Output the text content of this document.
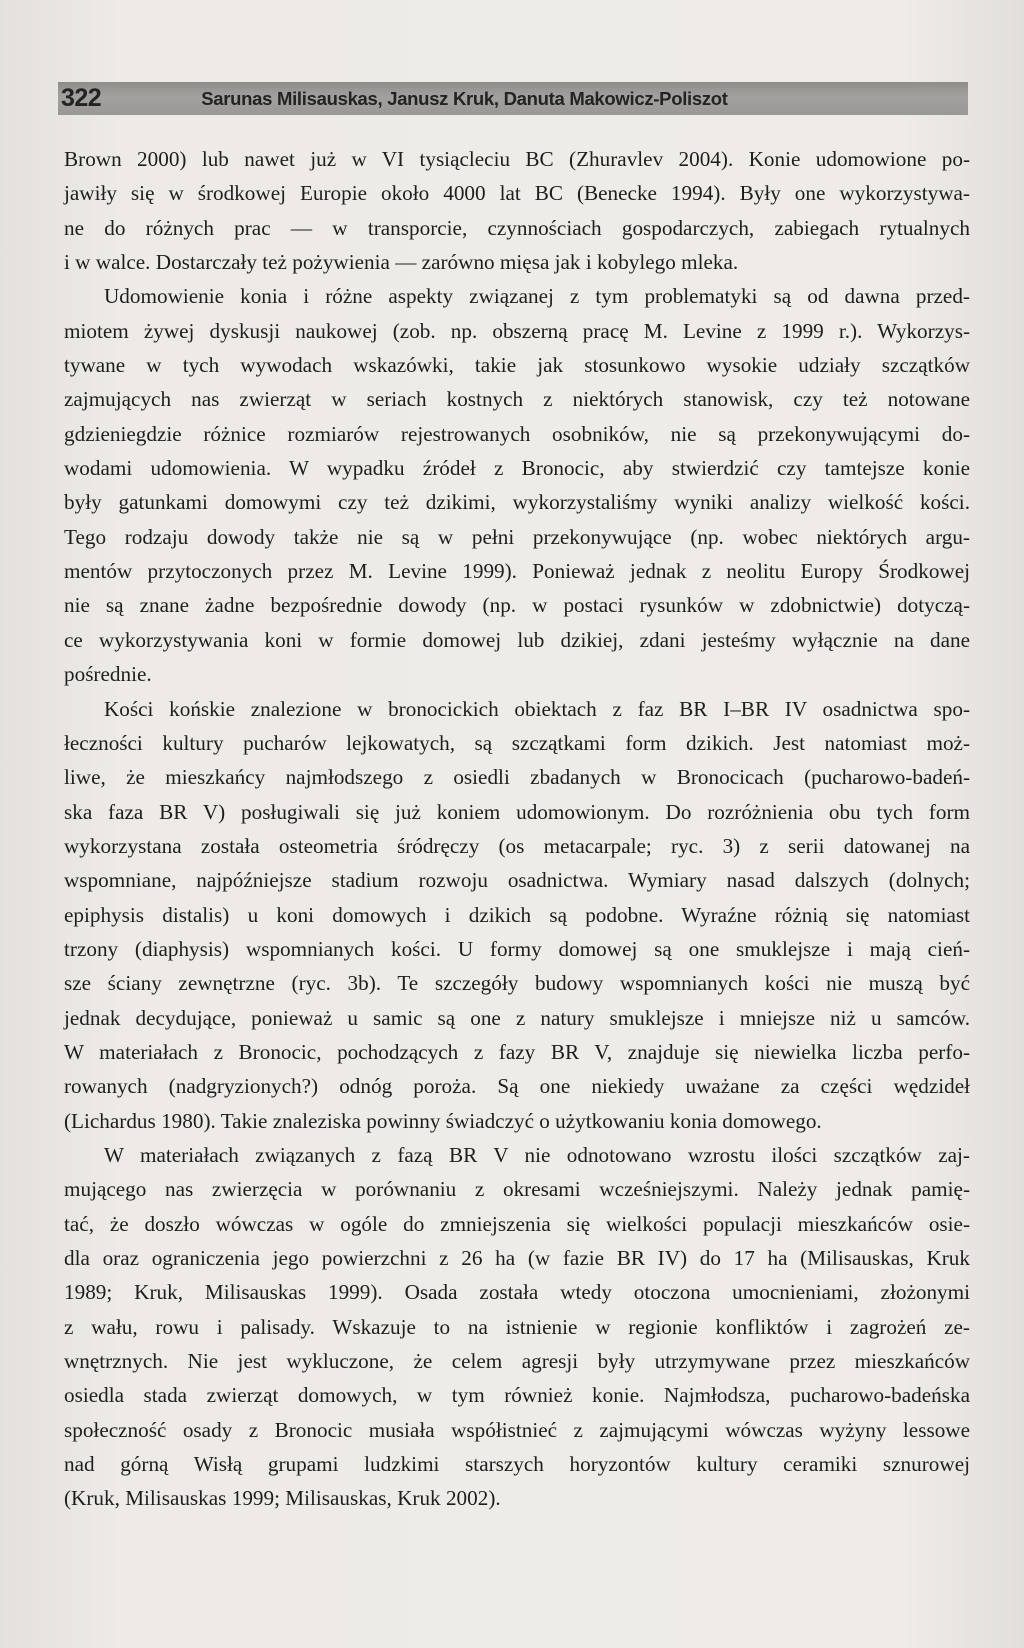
322	Sarunas Milisauskas, Janusz Kruk, Danuta Makowicz-Poliszot
Brown 2000) lub nawet już w VI tysiącleciu BC (Zhuravlev 2004). Konie udomowione po-
jawiły się w środkowej Europie około 4000 lat BC (Benecke 1994). Były one wykorzystywa-
ne do różnych prac — w transporcie, czynnościach gospodarczych, zabiegach rytualnych
i w walce. Dostarczały też pożywienia — zarówno mięsa jak i kobylego mleka.
Udomowienie konia i różne aspekty związanej z tym problematyki są od dawna przed-
miotem żywej dyskusji naukowej (zob. np. obszerną pracę M. Levine z 1999 r.). Wykorzys-
tywane w tych wywodach wskazówki, takie jak stosunkowo wysokie udziały szczątków
zajmujących nas zwierząt w seriach kostnych z niektórych stanowisk, czy też notowane
gdzieniegdzie różnice rozmiarów rejestrowanych osobników, nie są przekonywującymi do-
wodami udomowienia. W wypadku źródeł z Bronocic, aby stwierdzić czy tamtejsze konie
były gatunkami domowymi czy też dzikimi, wykorzystaliśmy wyniki analizy wielkość kości.
Tego rodzaju dowody także nie są w pełni przekonywujące (np. wobec niektórych argu-
mentów przytoczonych przez M. Levine 1999). Ponieważ jednak z neolitu Europy Środkowej
nie są znane żadne bezpośrednie dowody (np. w postaci rysunków w zdobnictwie) dotyczą-
ce wykorzystywania koni w formie domowej lub dzikiej, zdani jesteśmy wyłącznie na dane
pośrednie.
Kości końskie znalezione w bronocickich obiektach z faz BR I–BR IV osadnictwa spo-
łeczności kultury pucharów lejkowatych, są szczątkami form dzikich. Jest natomiast moż-
liwe, że mieszkańcy najmłodszego z osiedli zbadanych w Bronocicach (pucharowo-badeń-
ska faza BR V) posługiwali się już koniem udomowionym. Do rozróżnienia obu tych form
wykorzystana została osteometria śródręczy (os metacarpale; ryc. 3) z serii datowanej na
wspomniane, najpóźniejsze stadium rozwoju osadnictwa. Wymiary nasad dalszych (dolnych;
epiphysis distalis) u koni domowych i dzikich są podobne. Wyraźne różnią się natomiast
trzony (diaphysis) wspomnianych kości. U formy domowej są one smuklejsze i mają cień-
sze ściany zewnętrzne (ryc. 3b). Te szczegóły budowy wspomnianych kości nie muszą być
jednak decydujące, ponieważ u samic są one z natury smuklejsze i mniejsze niż u samców.
W materiałach z Bronocic, pochodzących z fazy BR V, znajduje się niewielka liczba perfo-
rowanych (nadgryzionych?) odnóg poroża. Są one niekiedy uważane za części wędzideł
(Lichardus 1980). Takie znaleziska powinny świadczyć o użytkowaniu konia domowego.
W materiałach związanych z fazą BR V nie odnotowano wzrostu ilości szczątków zaj-
mującego nas zwierzęcia w porównaniu z okresami wcześniejszymi. Należy jednak pamię-
tać, że doszło wówczas w ogóle do zmniejszenia się wielkości populacji mieszkańców osie-
dla oraz ograniczenia jego powierzchni z 26 ha (w fazie BR IV) do 17 ha (Milisauskas, Kruk
1989; Kruk, Milisauskas 1999). Osada została wtedy otoczona umocnieniami, złożonymi
z wału, rowu i palisady. Wskazuje to na istnienie w regionie konfliktów i zagrożeń ze-
wnętrznych. Nie jest wykluczone, że celem agresji były utrzymywane przez mieszkańców
osiedla stada zwierząt domowych, w tym również konie. Najmłodsza, pucharowo-badeńska
społeczność osady z Bronocic musiała współistnieć z zajmującymi wówczas wyżyny lessowe
nad górną Wisłą grupami ludzkimi starszych horyzontów kultury ceramiki sznurowej
(Kruk, Milisauskas 1999; Milisauskas, Kruk 2002).
